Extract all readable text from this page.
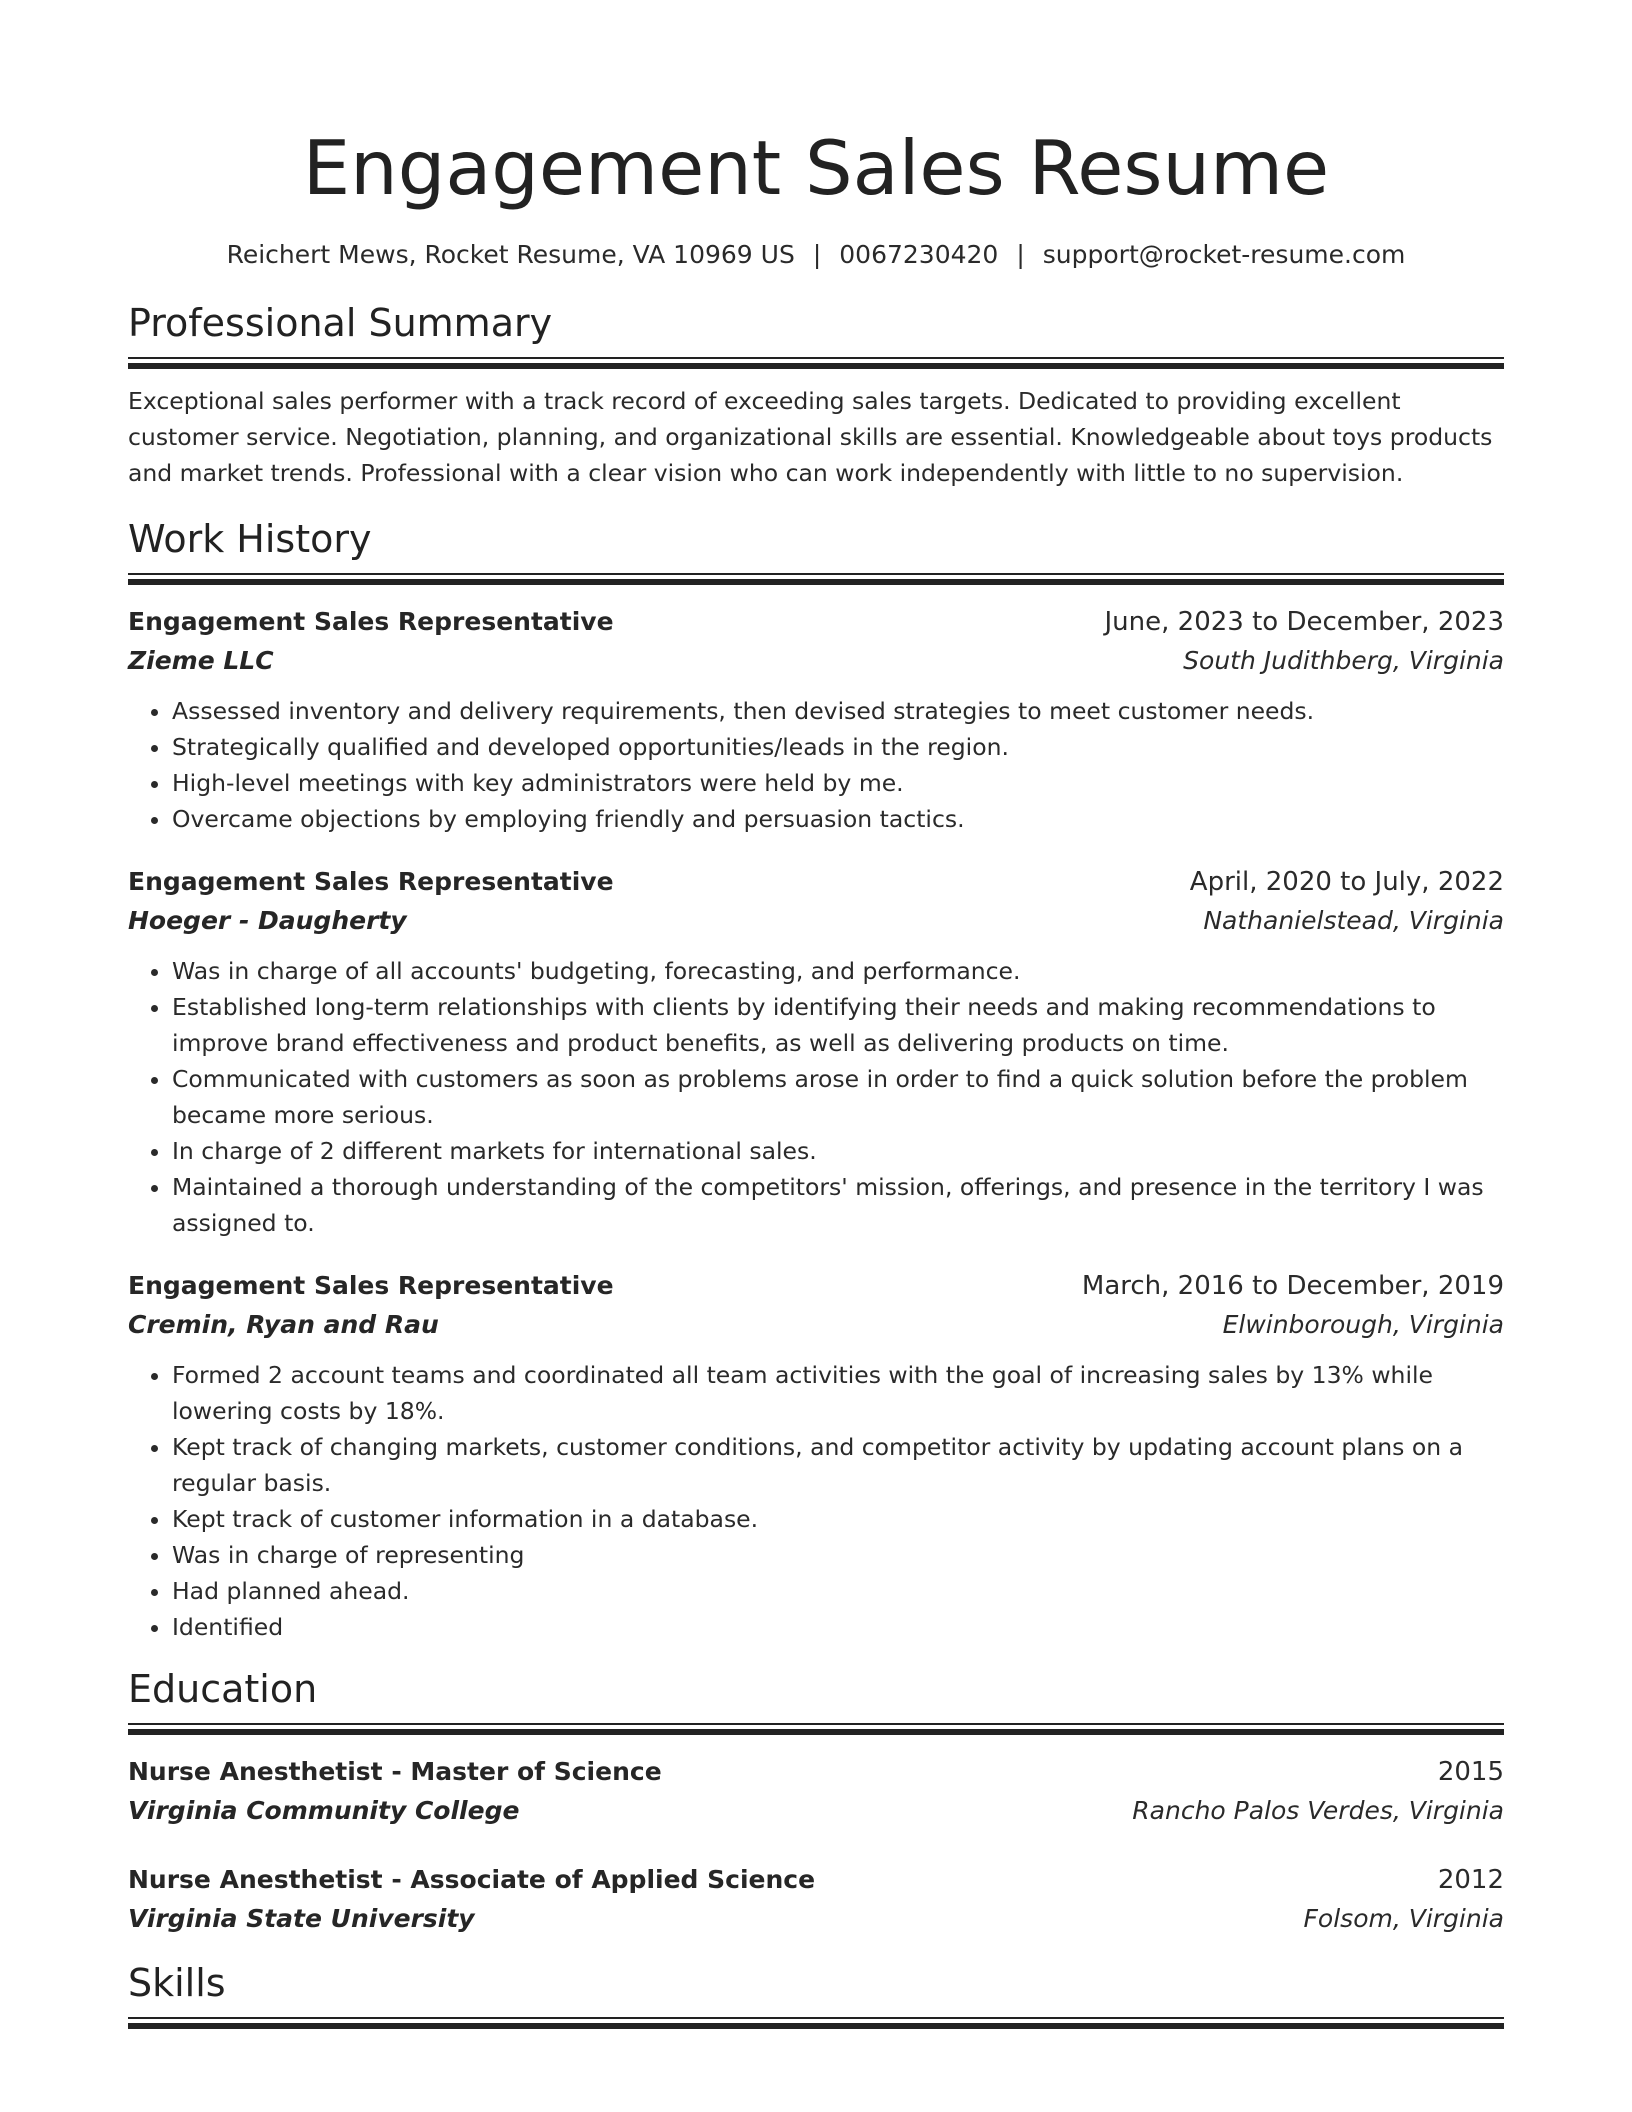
Engagement Sales Resume
Reichert Mews, Rocket Resume, VA 10969 US | 0067230420 | support@rocket-resume.com
Professional Summary

Exceptional sales performer with a track record of exceeding sales targets. Dedicated to providing excellent customer service. Negotiation, planning, and organizational skills are essential. Knowledgeable about toys products and market trends. Professional with a clear vision who can work independently with little to no supervision.

Work History
Engagement Sales Representative	June, 2023 to December, 2023
Zieme LLC	South Judithberg, Virginia
• Assessed inventory and delivery requirements, then devised strategies to meet customer needs.
• Strategically qualified and developed opportunities/leads in the region.
• High-level meetings with key administrators were held by me.
• Overcame objections by employing friendly and persuasion tactics.
Engagement Sales Representative	April, 2020 to July, 2022
Hoeger - Daugherty	Nathanielstead, Virginia
• Was in charge of all accounts' budgeting, forecasting, and performance.
• Established long-term relationships with clients by identifying their needs and making recommendations to improve brand effectiveness and product benefits, as well as delivering products on time.
• Communicated with customers as soon as problems arose in order to find a quick solution before the problem became more serious.
• In charge of 2 different markets for international sales.
• Maintained a thorough understanding of the competitors' mission, offerings, and presence in the territory I was assigned to.
Engagement Sales Representative	March, 2016 to December, 2019
Cremin, Ryan and Rau	Elwinborough, Virginia
• Formed 2 account teams and coordinated all team activities with the goal of increasing sales by 13% while lowering costs by 18%.
• Kept track of changing markets, customer conditions, and competitor activity by updating account plans on a regular basis.
• Kept track of customer information in a database.
• Was in charge of representing
• Had planned ahead.
• Identified
Education
Nurse Anesthetist - Master of Science	2015
Virginia Community College	Rancho Palos Verdes, Virginia
Nurse Anesthetist - Associate of Applied Science	2012
Virginia State University	Folsom, Virginia
Skills
